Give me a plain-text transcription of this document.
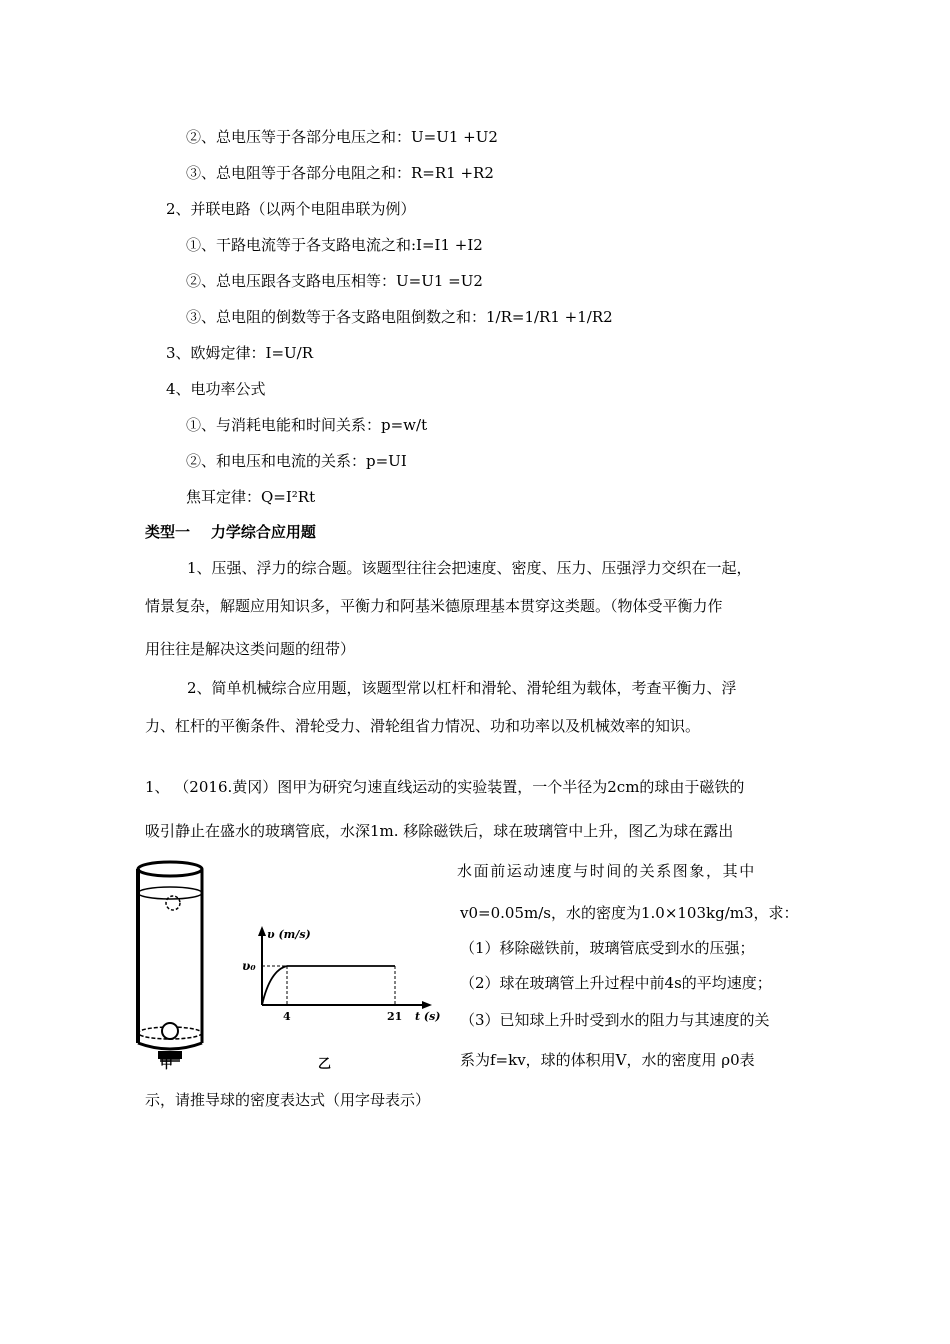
②、总电压等于各部分电压之和：U=U1 +U2
③、总电阻等于各部分电阻之和：R=R1 +R2
2、并联电路（以两个电阻串联为例）
①、干路电流等于各支路电流之和:I=I1 +I2
②、总电压跟各支路电压相等：U=U1 =U2
③、总电阻的倒数等于各支路电阻倒数之和：1/R=1/R1 +1/R2
3、欧姆定律：I=U/R
4、电功率公式
①、与消耗电能和时间关系：p=w/t
②、和电压和电流的关系：p=UI
焦耳定律：Q=I²Rt
类型一    力学综合应用题
1、压强、浮力的综合题。该题型往往会把速度、密度、压力、压强浮力交织在一起，
情景复杂，解题应用知识多，平衡力和阿基米德原理基本贯穿这类题。（物体受平衡力作
用往往是解决这类问题的纽带）
2、简单机械综合应用题，该题型常以杠杆和滑轮、滑轮组为载体，考查平衡力、浮
力、杠杆的平衡条件、滑轮受力、滑轮组省力情况、功和功率以及机械效率的知识。
1、 （2016.黄冈）图甲为研究匀速直线运动的实验装置，一个半径为2cm的球由于磁铁的
吸引静止在盛水的玻璃管底，水深1m. 移除磁铁后，球在玻璃管中上升，图乙为球在露出
水面前运动速度与时间的关系图象，其中
v0=0.05m/s，水的密度为1.0×103kg/m3，求：
（1）移除磁铁前，玻璃管底受到水的压强；
（2）球在玻璃管上升过程中前4s的平均速度；
（3）已知球上升时受到水的阻力与其速度的关
系为f=kv，球的体积用V，水的密度用 ρ0表
示，请推导球的密度表达式（用字母表示）
甲
υ (m/s)
υ₀
4	21 t (s)
乙
